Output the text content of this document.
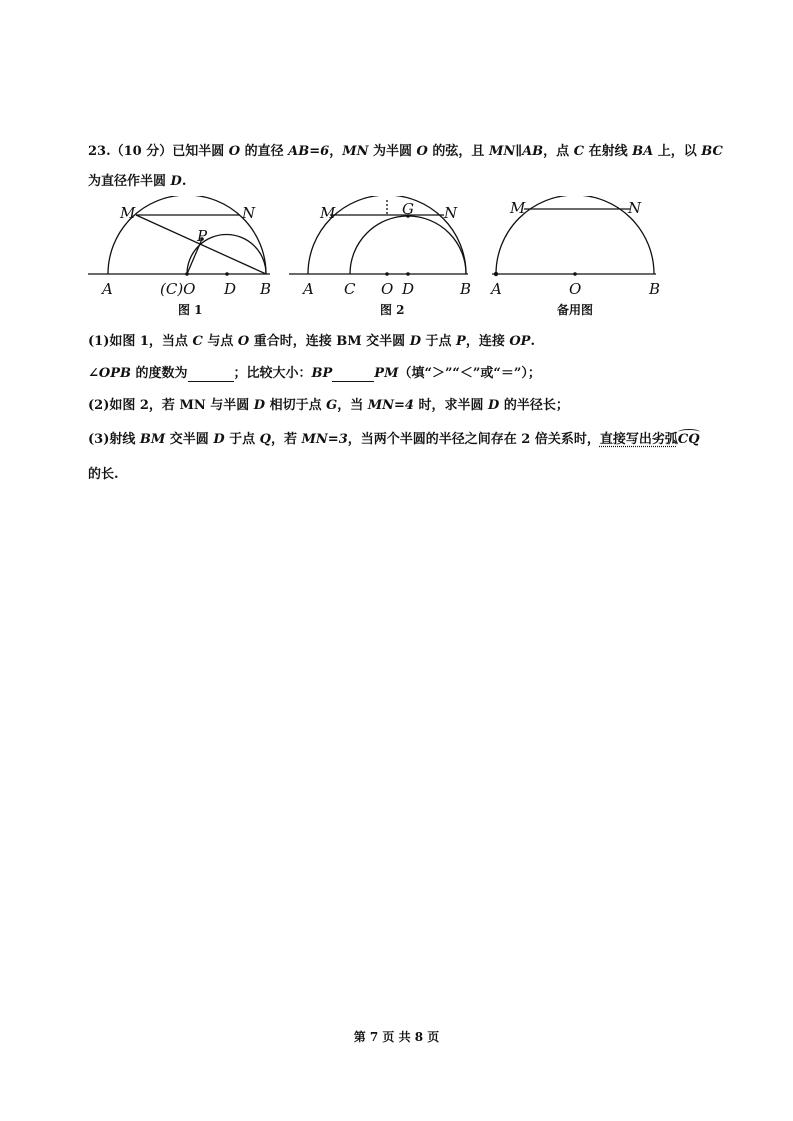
23.（10 分）已知半圆 O 的直径 AB=6，MN 为半圆 O 的弦，且 MN∥AB，点 C 在射线 BA 上，以 BC
为直径作半圆 D.
M	N
P
A	(C)O D B
M	G N
A C O D	B
M	N
A	O	B
图 1	图 2	备用图
(1)如图 1，当点 C 与点 O 重合时，连接 BM 交半圆 D 于点 P，连接 OP.
∠OPB 的度数为	；比较大小：BP	PM（填“＞”“＜”或“＝”）；
(2)如图 2，若 MN 与半圆 D 相切于点 G，当 MN=4 时，求半圆 D 的半径长；
(3)射线 BM 交半圆 D 于点 Q，若 MN=3，当两个半圆的半径之间存在 2 倍关系时，直接写出劣弧CQ
的长.
第 7 页 共 8 页
